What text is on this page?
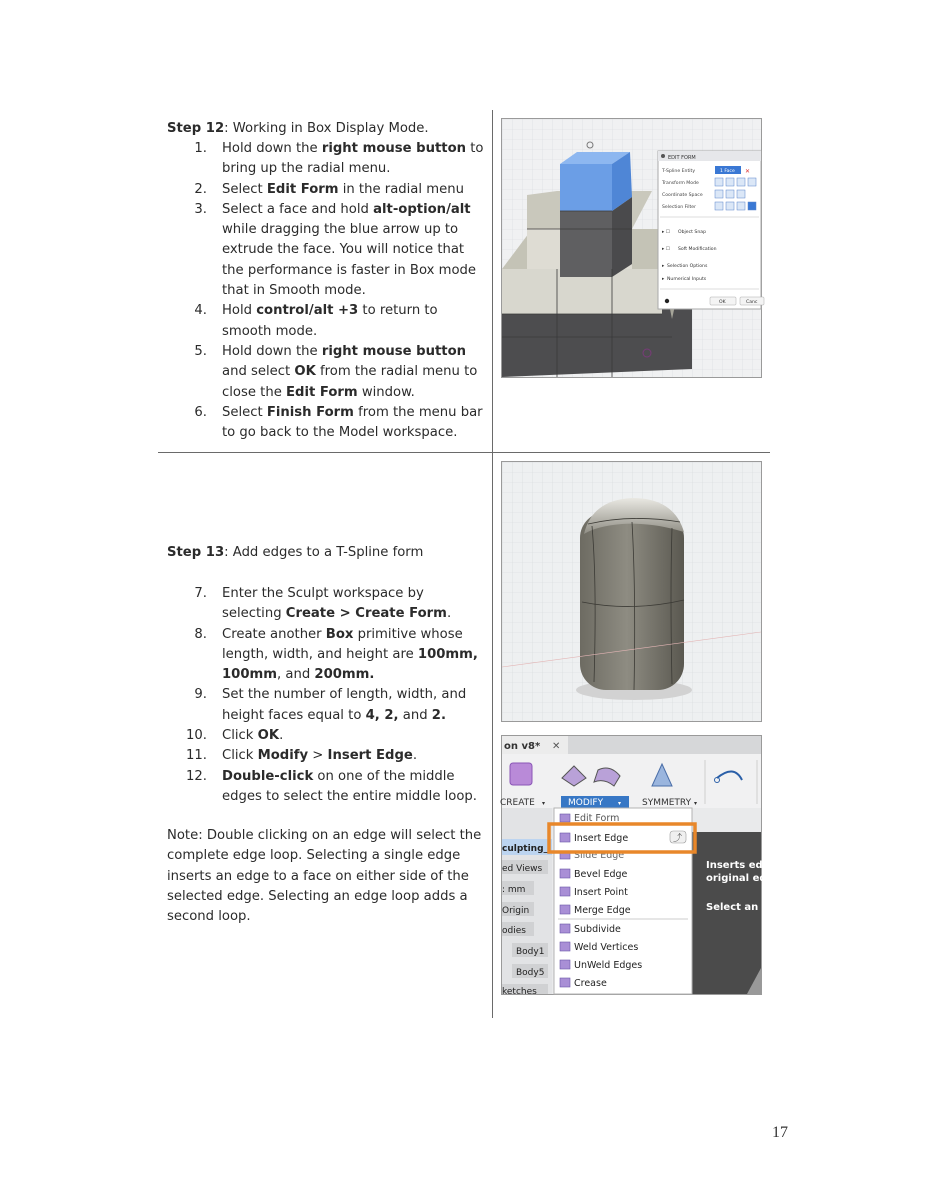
Step 12: Working in Box Display Mode.
1. Hold down the right mouse button to bring up the radial menu.
2. Select Edit Form in the radial menu
3. Select a face and hold alt-option/alt while dragging the blue arrow up to extrude the face. You will notice that the performance is faster in Box mode that in Smooth mode.
4. Hold control/alt +3 to return to smooth mode.
5. Hold down the right mouse button and select OK from the radial menu to close the Edit Form window.
6. Select Finish Form from the menu bar to go back to the Model workspace.
Step 13: Add edges to a T-Spline form
7. Enter the Sculpt workspace by selecting Create > Create Form.
8. Create another Box primitive whose length, width, and height are 100mm, 100mm, and 200mm.
9. Set the number of length, width, and height faces equal to 4, 2, and 2.
10. Click OK.
11. Click Modify > Insert Edge.
12. Double-click on one of the middle edges to select the entire middle loop.
Note: Double clicking on an edge will select the complete edge loop. Selecting a single edge inserts an edge to a face on either side of the selected edge. Selecting an edge loop adds a second loop.
17
EDIT FORM
T-Spline Entity
Transform Mode
Coordinate Space
Selection Filter
1 Face ✕
▸ ☐ Object Snap
▸ ☐ Soft Modification
▸ Selection Options
▸ Numerical Inputs
OK	Canc
on v8* ✕
CREATE ▾	MODIFY ▾ SYMMETRY ▾
culpting_
ed Views
: mm
Origin
odies
Body1
Body5
ketches
Inserts ed
original ed
Select an e
Edit Form
Insert Edge
Slide Edge
Bevel Edge
Insert Point
Merge Edge
Subdivide
Weld Vertices
UnWeld Edges
Crease
⤴
